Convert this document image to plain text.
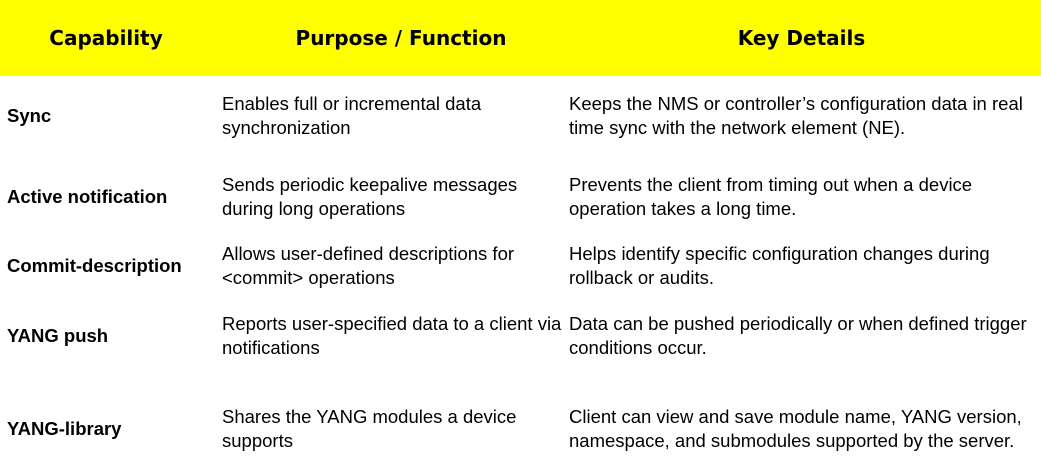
Capability	Purpose / Function	Key Details
Sync
Enables full or incremental data synchronization
Keeps the NMS or controller’s configuration data in real time sync with the network element (NE).
Active notification
Sends periodic keepalive messages during long operations
Prevents the client from timing out when a device operation takes a long time.
Commit-description
Allows user-defined descriptions for <commit> operations
Helps identify specific configuration changes during rollback or audits.
YANG push
Reports user-specified data to a client via notifications
Data can be pushed periodically or when defined trigger conditions occur.
YANG-library
Shares the YANG modules a device supports
Client can view and save module name, YANG version, namespace, and submodules supported by the server.
